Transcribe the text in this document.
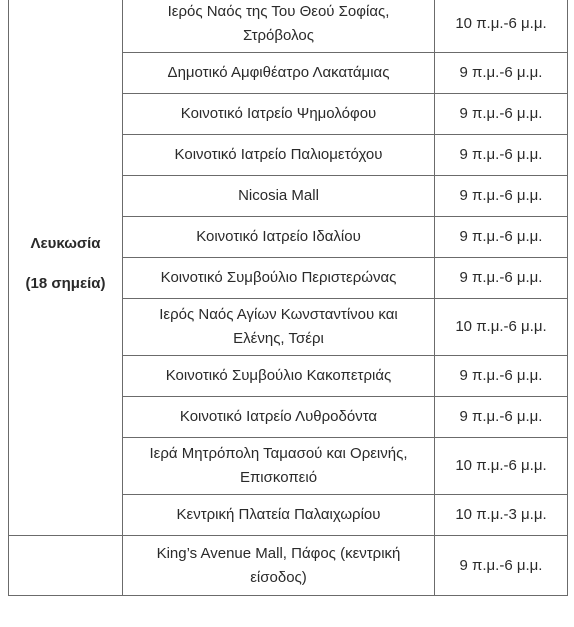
Λευκωσία
(18 σημεία)		

	Ιερός Ναός της Του Θεού Σοφίας, Στρόβολος	10 π.μ.-6 μ.μ.
	Δημοτικό Αμφιθέατρο Λακατάμιας	9 π.μ.-6 μ.μ.
	Κοινοτικό Ιατρείο Ψημολόφου	9 π.μ.-6 μ.μ.
	Κοινοτικό Ιατρείο Παλιομετόχου	9 π.μ.-6 μ.μ.
	Nicosia Mall	9 π.μ.-6 μ.μ.
	Κοινοτικό Ιατρείο Ιδαλίου	9 π.μ.-6 μ.μ.
	Κοινοτικό Συμβούλιο Περιστερώνας	9 π.μ.-6 μ.μ.
	Ιερός Ναός Αγίων Κωνσταντίνου και Ελένης, Τσέρι	10 π.μ.-6 μ.μ.
	Κοινοτικό Συμβούλιο Κακοπετριάς	9 π.μ.-6 μ.μ.
	Κοινοτικό Ιατρείο Λυθροδόντα	9 π.μ.-6 μ.μ.
	Ιερά Μητρόπολη Ταμασού και Ορεινής, Επισκοπειό	10 π.μ.-6 μ.μ.
	Κεντρική Πλατεία Παλαιχωρίου	10 π.μ.-3 μ.μ.
	King’s Avenue Mall, Πάφος (κεντρική είσοδος)	9 π.μ.-6 μ.μ.
